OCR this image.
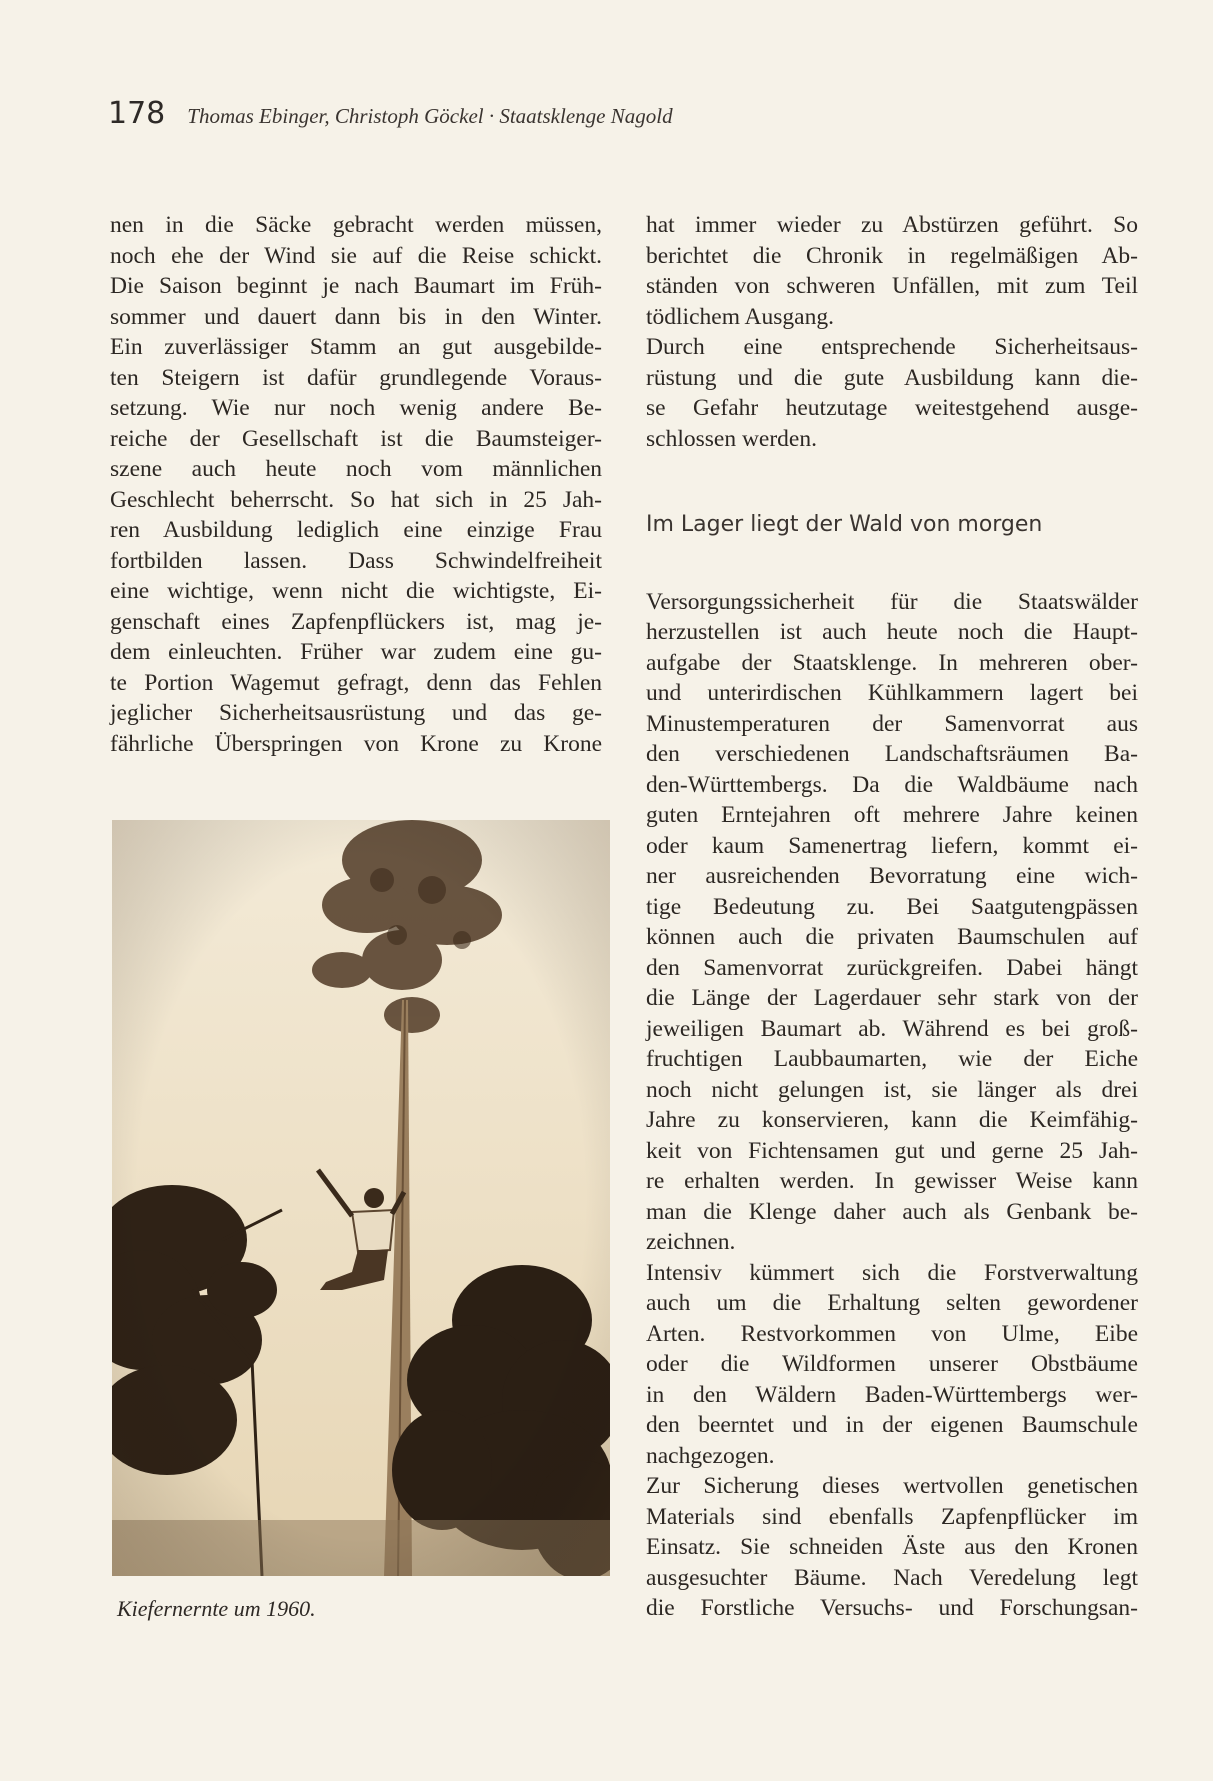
178 Thomas Ebinger, Christoph Göckel · Staatsklenge Nagold
nen in die Säcke gebracht werden müssen,
noch ehe der Wind sie auf die Reise schickt.
Die Saison beginnt je nach Baumart im Früh-
sommer und dauert dann bis in den Winter.
Ein zuverlässiger Stamm an gut ausgebilde-
ten Steigern ist dafür grundlegende Voraus-
setzung. Wie nur noch wenig andere Be-
reiche der Gesellschaft ist die Baumsteiger-
szene auch heute noch vom männlichen
Geschlecht beherrscht. So hat sich in 25 Jah-
ren Ausbildung lediglich eine einzige Frau
fortbilden lassen. Dass Schwindelfreiheit
eine wichtige, wenn nicht die wichtigste, Ei-
genschaft eines Zapfenpflückers ist, mag je-
dem einleuchten. Früher war zudem eine gu-
te Portion Wagemut gefragt, denn das Fehlen
jeglicher Sicherheitsausrüstung und das ge-
fährliche Überspringen von Krone zu Krone
Kiefernernte um 1960.
hat immer wieder zu Abstürzen geführt. So
berichtet die Chronik in regelmäßigen Ab-
ständen von schweren Unfällen, mit zum Teil
tödlichem Ausgang.
Durch eine entsprechende Sicherheitsaus-
rüstung und die gute Ausbildung kann die-
se Gefahr heutzutage weitestgehend ausge-
schlossen werden.
Im Lager liegt der Wald von morgen
Versorgungssicherheit für die Staatswälder
herzustellen ist auch heute noch die Haupt-
aufgabe der Staatsklenge. In mehreren ober-
und unterirdischen Kühlkammern lagert bei
Minustemperaturen der Samenvorrat aus
den verschiedenen Landschaftsräumen Ba-
den-Württembergs. Da die Waldbäume nach
guten Erntejahren oft mehrere Jahre keinen
oder kaum Samenertrag liefern, kommt ei-
ner ausreichenden Bevorratung eine wich-
tige Bedeutung zu. Bei Saatgutengpässen
können auch die privaten Baumschulen auf
den Samenvorrat zurückgreifen. Dabei hängt
die Länge der Lagerdauer sehr stark von der
jeweiligen Baumart ab. Während es bei groß-
fruchtigen Laubbaumarten, wie der Eiche
noch nicht gelungen ist, sie länger als drei
Jahre zu konservieren, kann die Keimfähig-
keit von Fichtensamen gut und gerne 25 Jah-
re erhalten werden. In gewisser Weise kann
man die Klenge daher auch als Genbank be-
zeichnen.
Intensiv kümmert sich die Forstverwaltung
auch um die Erhaltung selten gewordener
Arten. Restvorkommen von Ulme, Eibe
oder die Wildformen unserer Obstbäume
in den Wäldern Baden-Württembergs wer-
den beerntet und in der eigenen Baumschule
nachgezogen.
Zur Sicherung dieses wertvollen genetischen
Materials sind ebenfalls Zapfenpflücker im
Einsatz. Sie schneiden Äste aus den Kronen
ausgesuchter Bäume. Nach Veredelung legt
die Forstliche Versuchs- und Forschungsan-
